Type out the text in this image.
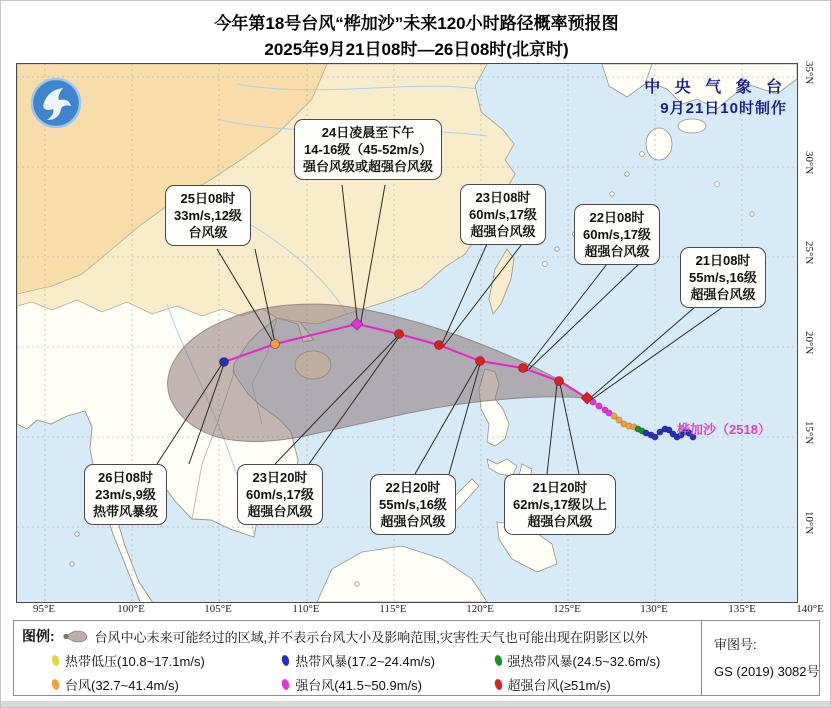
今年第18号台风“桦加沙”未来120小时路径概率预报图
2025年9月21日08时—26日08时(北京时)
中 央 气 象 台
9月21日10时制作
桦加沙（2518）
24日凌晨至下午
14-16级（45-52m/s）
强台风级或超强台风级
25日08时
33m/s,12级
台风级
23日08时
60m/s,17级
超强台风级
22日08时
60m/s,17级
超强台风级
21日08时
55m/s,16级
超强台风级
26日08时
23m/s,9级
热带风暴级
23日20时
60m/s,17级
超强台风级
22日20时
55m/s,16级
超强台风级
21日20时
62m/s,17级以上
超强台风级
95°E	100°E	105°E	110°E	115°E	120°E	125°E	130°E	135°E	140°E
35°N
30°N
25°N
20°N
15°N
10°N
图例:	台风中心未来可能经过的区域,并不表示台风大小及影响范围,灾害性天气也可能出现在阴影区以外
热带低压(10.8~17.1m/s)	热带风暴(17.2~24.4m/s)	强热带风暴(24.5~32.6m/s)
台风(32.7~41.4m/s)	强台风(41.5~50.9m/s)	超强台风(≥51m/s)
审图号:
GS (2019) 3082号
